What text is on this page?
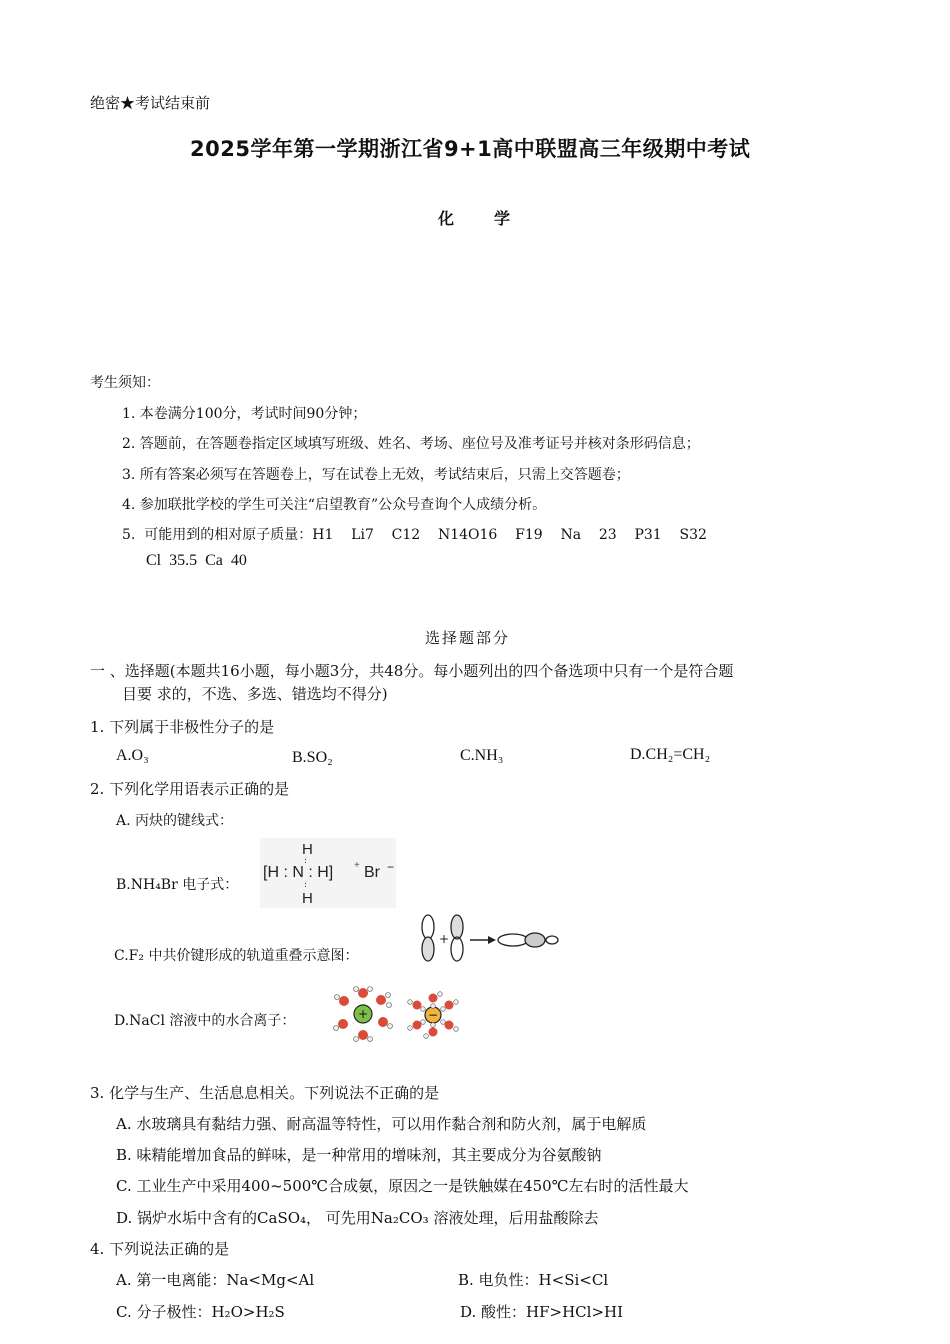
绝密★考试结束前
2025学年第一学期浙江省9+1高中联盟高三年级期中考试
化	学
考生须知：
1. 本卷满分100分，考试时间90分钟；
2. 答题前，在答题卷指定区域填写班级、姓名、考场、座位号及准考证号并核对条形码信息；
3. 所有答案必须写在答题卷上，写在试卷上无效，考试结束后，只需上交答题卷；
4. 参加联批学校的学生可关注“启望教育”公众号查询个人成绩分析。
5.  可能用到的相对原子质量：H1    Li7    C12    N14O16    F19    Na    23    P31    S32
Cl  35.5  Ca  40
选择题部分
一 、选择题(本题共16小题，每小题3分，共48分。每小题列出的四个备选项中只有一个是符合题
目要 求的，不选、多选、错选均不得分)
1. 下列属于非极性分子的是
A.O₃	B.SO₂	C.NH₃	D.CH₂=CH₂
2. 下列化学用语表示正确的是
A. 丙炔的键线式：
B.NH₄Br 电子式：
H
:
[H : N : H] + Br −
:
H
C.F₂ 中共价键形成的轨道重叠示意图：
+
D.NaCl 溶液中的水合离子：	+	−
3. 化学与生产、生活息息相关。下列说法不正确的是
A. 水玻璃具有黏结力强、耐高温等特性，可以用作黏合剂和防火剂，属于电解质
B. 味精能增加食品的鲜味，是一种常用的增味剂，其主要成分为谷氨酸钠
C. 工业生产中采用400~500℃合成氨，原因之一是铁触媒在450℃左右时的活性最大
D. 锅炉水垢中含有的CaSO₄， 可先用Na₂CO₃ 溶液处理，后用盐酸除去
4. 下列说法正确的是
A. 第一电离能：Na<Mg<Al	B. 电负性：H<Si<Cl
C. 分子极性：H₂O>H₂S	D. 酸性：HF>HCl>HI
